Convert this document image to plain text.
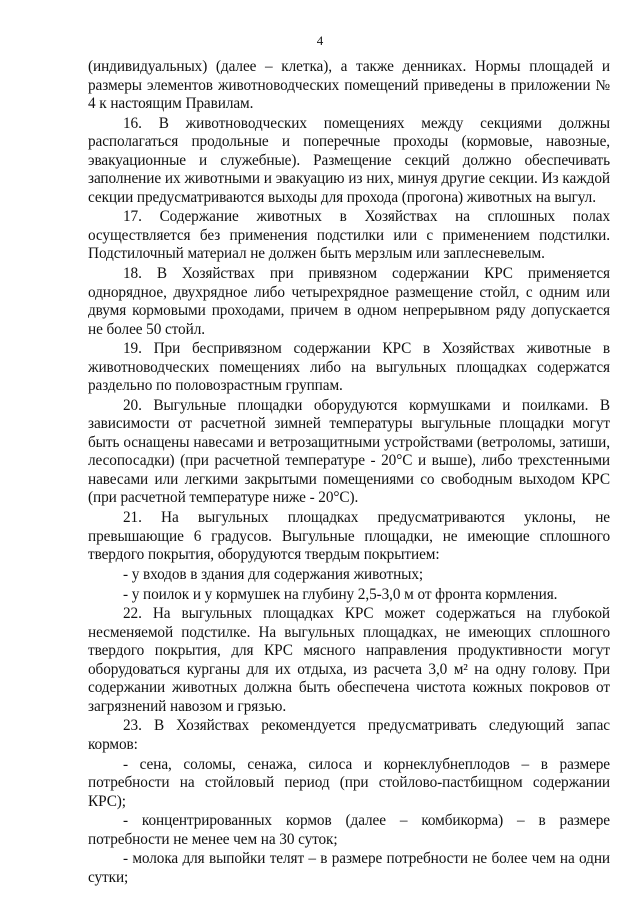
4

(индивидуальных) (далее – клетка), а также денниках. Нормы площадей и размеры элементов животноводческих помещений приведены в приложении № 4 к настоящим Правилам.

16. В животноводческих помещениях между секциями должны располагаться продольные и поперечные проходы (кормовые, навозные, эвакуационные и служебные). Размещение секций должно обеспечивать заполнение их животными и эвакуацию из них, минуя другие секции. Из каждой секции предусматриваются выходы для прохода (прогона) животных на выгул.

17. Содержание животных в Хозяйствах на сплошных полах осуществляется без применения подстилки или с применением подстилки. Подстилочный материал не должен быть мерзлым или заплесневелым.

18. В Хозяйствах при привязном содержании КРС применяется однорядное, двухрядное либо четырехрядное размещение стойл, с одним или двумя кормовыми проходами, причем в одном непрерывном ряду допускается не более 50 стойл.

19. При беспривязном содержании КРС в Хозяйствах животные в животноводческих помещениях либо на выгульных площадках содержатся раздельно по половозрастным группам.

20. Выгульные площадки оборудуются кормушками и поилками. В зависимости от расчетной зимней температуры выгульные площадки могут быть оснащены навесами и ветрозащитными устройствами (ветроломы, затиши, лесопосадки) (при расчетной температуре - 20°С и выше), либо трехстенными навесами или легкими закрытыми помещениями со свободным выходом КРС (при расчетной температуре ниже - 20°С).

21. На выгульных площадках предусматриваются уклоны, не превышающие 6 градусов. Выгульные площадки, не имеющие сплошного твердого покрытия, оборудуются твердым покрытием:

- у входов в здания для содержания животных;

- у поилок и у кормушек на глубину 2,5-3,0 м от фронта кормления.

22. На выгульных площадках КРС может содержаться на глубокой несменяемой подстилке. На выгульных площадках, не имеющих сплошного твердого покрытия, для КРС мясного направления продуктивности могут оборудоваться курганы для их отдыха, из расчета 3,0 м² на одну голову. При содержании животных должна быть обеспечена чистота кожных покровов от загрязнений навозом и грязью.

23. В Хозяйствах рекомендуется предусматривать следующий запас кормов:

- сена, соломы, сенажа, силоса и корнеклубнеплодов – в размере потребности на стойловый период (при стойлово-пастбищном содержании КРС);

- концентрированных кормов (далее – комбикорма) – в размере потребности не менее чем на 30 суток;

- молока для выпойки телят – в размере потребности не более чем на одни сутки;
